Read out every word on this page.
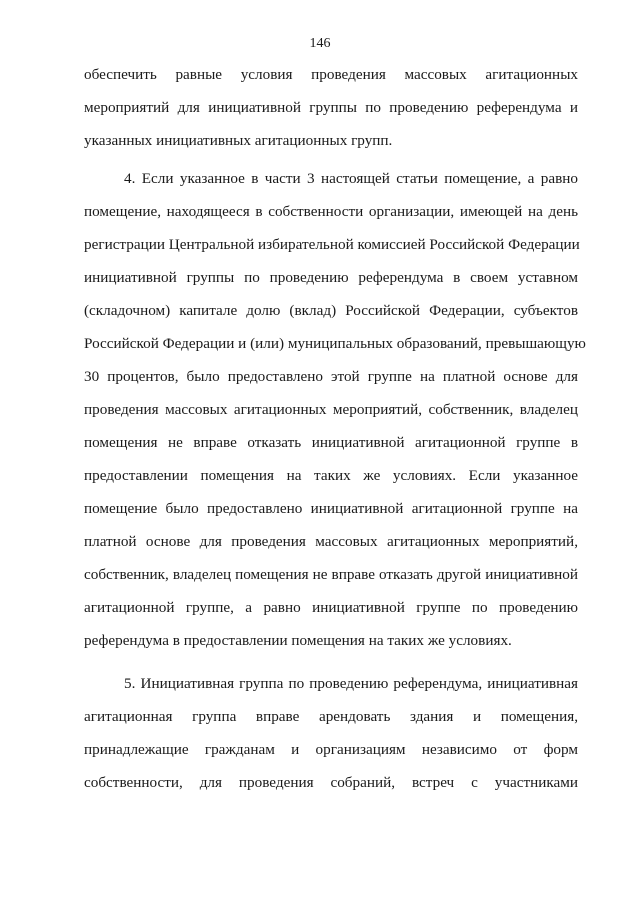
146
обеспечить равные условия проведения массовых агитационных
мероприятий для инициативной группы по проведению референдума и
указанных инициативных агитационных групп.
4. Если указанное в части 3 настоящей статьи помещение, а равно
помещение, находящееся в собственности организации, имеющей на день
регистрации Центральной избирательной комиссией Российской Федерации
инициативной группы по проведению референдума в своем уставном
(складочном) капитале долю (вклад) Российской Федерации, субъектов
Российской Федерации и (или) муниципальных образований, превышающую
30 процентов, было предоставлено этой группе на платной основе для
проведения массовых агитационных мероприятий, собственник, владелец
помещения не вправе отказать инициативной агитационной группе в
предоставлении помещения на таких же условиях. Если указанное
помещение было предоставлено инициативной агитационной группе на
платной основе для проведения массовых агитационных мероприятий,
собственник, владелец помещения не вправе отказать другой инициативной
агитационной группе, а равно инициативной группе по проведению
референдума в предоставлении помещения на таких же условиях.
5. Инициативная группа по проведению референдума, инициативная
агитационная группа вправе арендовать здания и помещения,
принадлежащие гражданам и организациям независимо от форм
собственности, для проведения собраний, встреч с участниками
